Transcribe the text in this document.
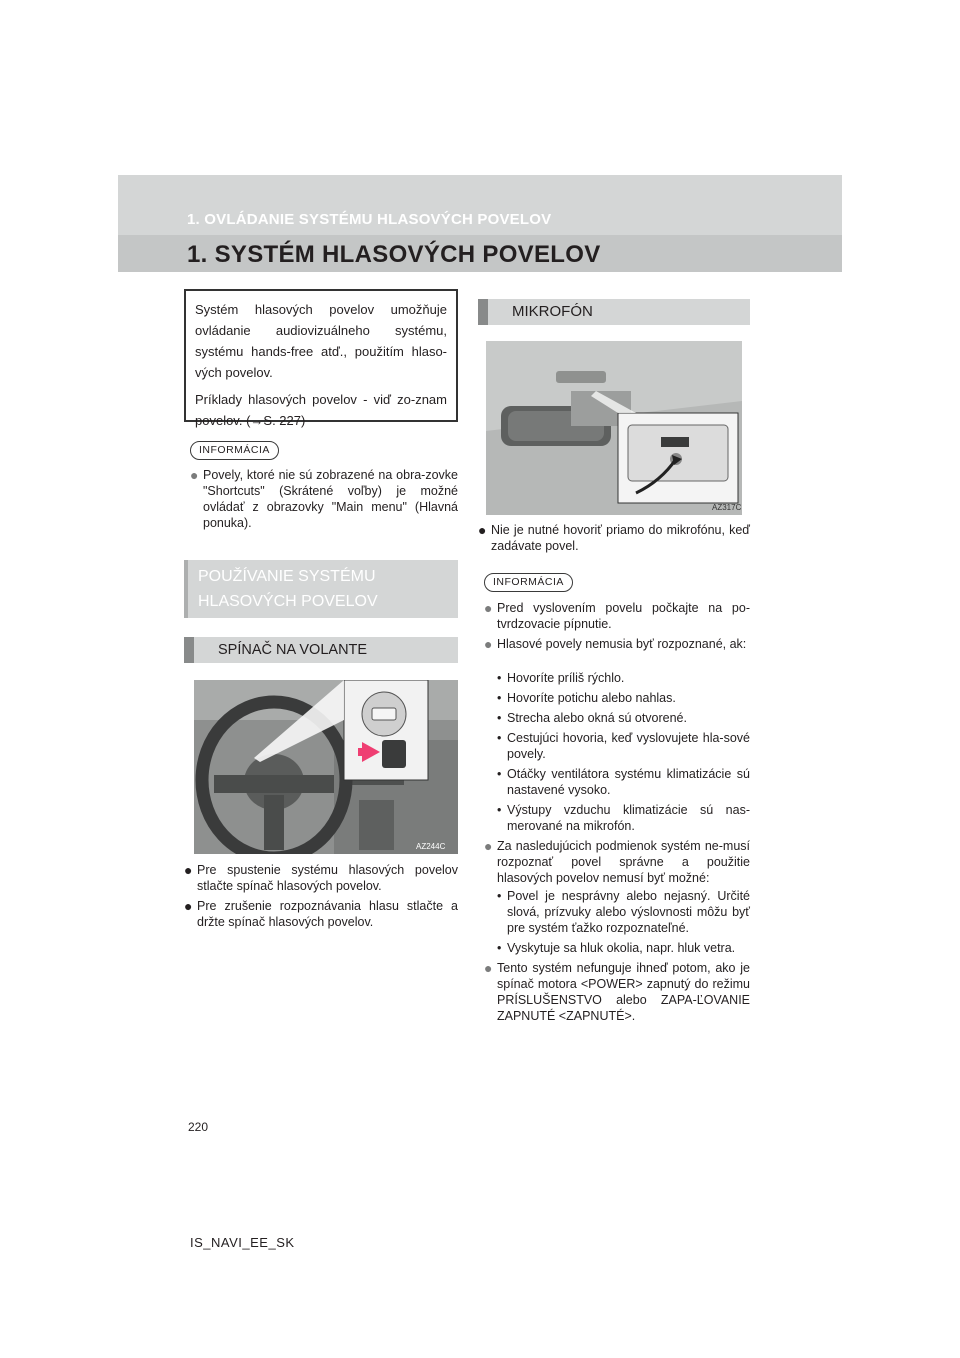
1. OVLÁDANIE SYSTÉMU HLASOVÝCH POVELOV
1. SYSTÉM HLASOVÝCH POVELOV

Systém hlasových povelov umožňuje ovládanie audiovizuálneho systému, systému hands-free atď., použitím hlaso-vých povelov.

Príklady hlasových povelov - viď zo-znam povelov. (→S. 227)

INFORMÁCIA
● Povely, ktoré nie sú zobrazené na obra-zovke "Shortcuts" (Skrátené voľby) je možné ovládať z obrazovky "Main menu" (Hlavná ponuka).
POUŽÍVANIE SYSTÉMU
HLASOVÝCH POVELOV
SPÍNAČ NA VOLANTE
AZ244C
● Pre spustenie systému hlasových povelov stlačte spínač hlasových povelov.
● Pre zrušenie rozpoznávania hlasu stlačte a držte spínač hlasových povelov.
MIKROFÓN
AZ317C
● Nie je nutné hovoriť priamo do mikrofónu, keď zadávate povel.
INFORMÁCIA
● Pred vyslovením povelu počkajte na po-tvrdzovacie pípnutie.
● Hlasové povely nemusia byť rozpoznané, ak:
• Hovoríte príliš rýchlo.
• Hovoríte potichu alebo nahlas.
• Strecha alebo okná sú otvorené.
• Cestujúci hovoria, keď vyslovujete hla-sové povely.
• Otáčky ventilátora systému klimatizácie sú nastavené vysoko.
• Výstupy vzduchu klimatizácie sú nas-merované na mikrofón.
● Za nasledujúcich podmienok systém ne-musí rozpoznať povel správne a použitie hlasových povelov nemusí byť možné:
• Povel je nesprávny alebo nejasný. Určité slová, prízvuky alebo výslovnosti môžu byť pre systém ťažko rozpoznateľné.
• Vyskytuje sa hluk okolia, napr. hluk vetra.
● Tento systém nefunguje ihneď potom, ako je spínač motora <POWER> zapnutý do režimu PRÍSLUŠENSTVO alebo ZAPA-ĽOVANIE ZAPNUTÉ <ZAPNUTÉ>.
220
IS_NAVI_EE_SK
